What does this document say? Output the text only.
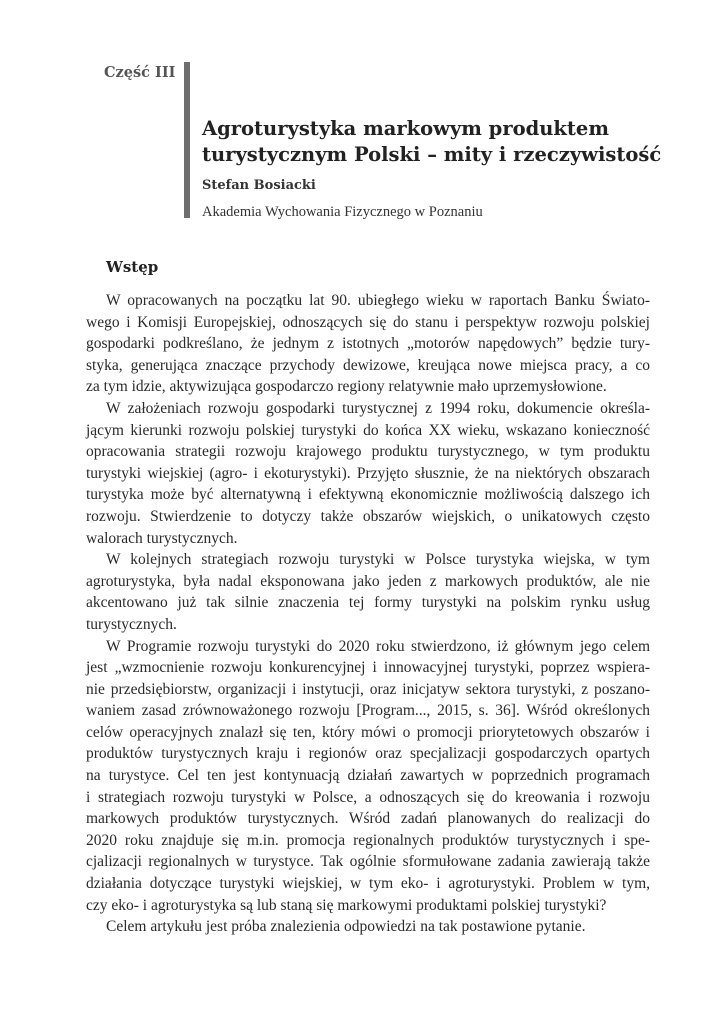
Część III
Agroturystyka markowym produktem
turystycznym Polski – mity i rzeczywistość
Stefan Bosiacki
Akademia Wychowania Fizycznego w Poznaniu
Wstęp
W opracowanych na początku lat 90. ubiegłego wieku w raportach Banku Świato-
wego i Komisji Europejskiej, odnoszących się do stanu i perspektyw rozwoju polskiej
gospodarki podkreślano, że jednym z istotnych „motorów napędowych” będzie tury-
styka, generująca znaczące przychody dewizowe, kreująca nowe miejsca pracy, a co
za tym idzie, aktywizująca gospodarczo regiony relatywnie mało uprzemysłowione.
W założeniach rozwoju gospodarki turystycznej z 1994 roku, dokumencie określa-
jącym kierunki rozwoju polskiej turystyki do końca XX wieku, wskazano konieczność
opracowania strategii rozwoju krajowego produktu turystycznego, w tym produktu
turystyki wiejskiej (agro- i ekoturystyki). Przyjęto słusznie, że na niektórych obszarach
turystyka może być alternatywną i efektywną ekonomicznie możliwością dalszego ich
rozwoju. Stwierdzenie to dotyczy także obszarów wiejskich, o unikatowych często
walorach turystycznych.
W kolejnych strategiach rozwoju turystyki w Polsce turystyka wiejska, w tym
agroturystyka, była nadal eksponowana jako jeden z markowych produktów, ale nie
akcentowano już tak silnie znaczenia tej formy turystyki na polskim rynku usług
turystycznych.
W Programie rozwoju turystyki do 2020 roku stwierdzono, iż głównym jego celem
jest „wzmocnienie rozwoju konkurencyjnej i innowacyjnej turystyki, poprzez wspiera-
nie przedsiębiorstw, organizacji i instytucji, oraz inicjatyw sektora turystyki, z poszano-
waniem zasad zrównoważonego rozwoju [Program..., 2015, s. 36]. Wśród określonych
celów operacyjnych znalazł się ten, który mówi o promocji priorytetowych obszarów i
produktów turystycznych kraju i regionów oraz specjalizacji gospodarczych opartych
na turystyce. Cel ten jest kontynuacją działań zawartych w poprzednich programach
i strategiach rozwoju turystyki w Polsce, a odnoszących się do kreowania i rozwoju
markowych produktów turystycznych. Wśród zadań planowanych do realizacji do
2020 roku znajduje się m.in. promocja regionalnych produktów turystycznych i spe-
cjalizacji regionalnych w turystyce. Tak ogólnie sformułowane zadania zawierają także
działania dotyczące turystyki wiejskiej, w tym eko- i agroturystyki. Problem w tym,
czy eko- i agroturystyka są lub staną się markowymi produktami polskiej turystyki?
Celem artykułu jest próba znalezienia odpowiedzi na tak postawione pytanie.
